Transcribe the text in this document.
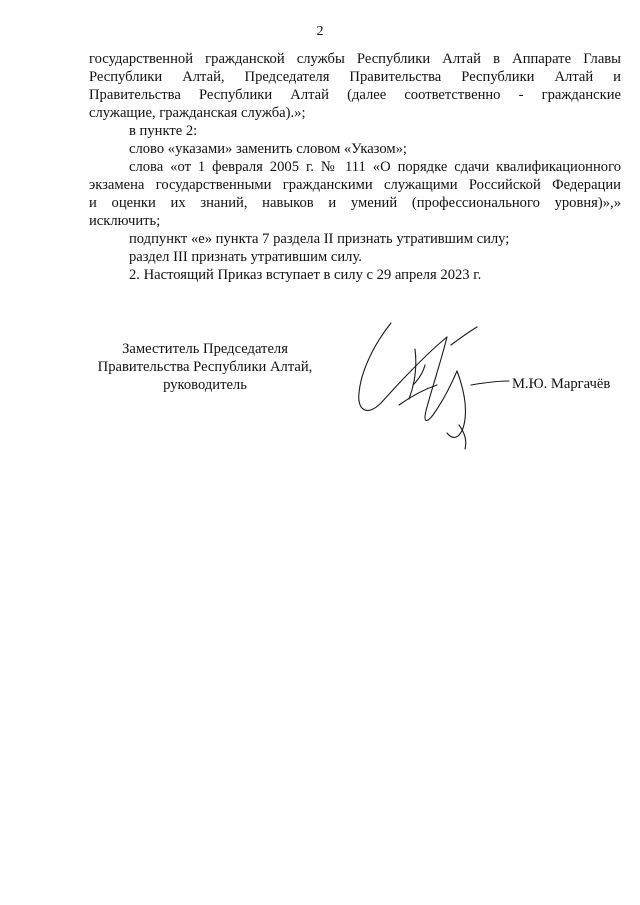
2

государственной гражданской службы Республики Алтай в Аппарате Главы
Республики Алтай, Председателя Правительства Республики Алтай и
Правительства Республики Алтай (далее соответственно - гражданские
служащие, гражданская служба).»;

в пункте 2:

слово «указами» заменить словом «Указом»;

слова «от 1 февраля 2005 г. № 111 «О порядке сдачи квалификационного
экзамена государственными гражданскими служащими Российской Федерации
и оценки их знаний, навыков и умений (профессионального уровня)»,»
исключить;

подпункт «е» пункта 7 раздела II признать утратившим силу;

раздел III признать утратившим силу.

2. Настоящий Приказ вступает в силу с 29 апреля 2023 г.

Заместитель Председателя
Правительства Республики Алтай,
руководитель	М.Ю. Маргачёв
